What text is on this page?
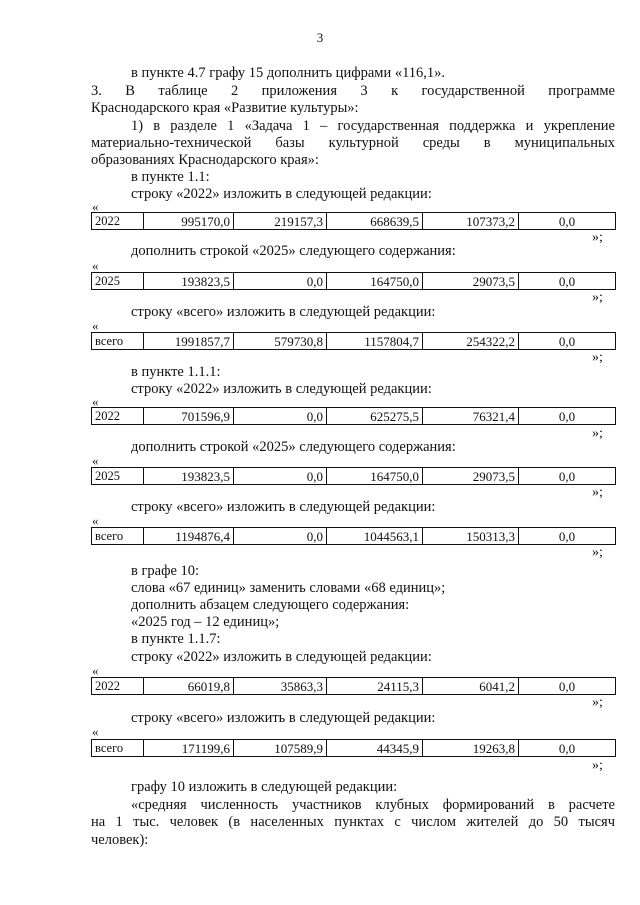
3
в пункте 4.7 графу 15 дополнить цифрами «116,1».
3. В таблице 2 приложения 3 к государственной программе
Краснодарского края «Развитие культуры»:
1) в разделе 1 «Задача 1 – государственная поддержка и укрепление
материально-технической базы культурной среды в муниципальных
образованиях Краснодарского края»:
в пункте 1.1:
строку «2022» изложить в следующей редакции:
«
2022	995170,0	219157,3	668639,5	107373,2	0,0
»;
дополнить строкой «2025» следующего содержания:
«
2025	193823,5	0,0	164750,0	29073,5	0,0
»;
строку «всего» изложить в следующей редакции:
«
всего	1991857,7	579730,8	1157804,7	254322,2	0,0
»;
в пункте 1.1.1:
строку «2022» изложить в следующей редакции:
«
2022	701596,9	0,0	625275,5	76321,4	0,0
»;
дополнить строкой «2025» следующего содержания:
«
2025	193823,5	0,0	164750,0	29073,5	0,0
»;
строку «всего» изложить в следующей редакции:
«
всего	1194876,4	0,0	1044563,1	150313,3	0,0
»;
в графе 10:
слова «67 единиц» заменить словами «68 единиц»;
дополнить абзацем следующего содержания:
«2025 год – 12 единиц»;
в пункте 1.1.7:
строку «2022» изложить в следующей редакции:
«
2022	66019,8	35863,3	24115,3	6041,2	0,0
»;
строку «всего» изложить в следующей редакции:
«
всего	171199,6	107589,9	44345,9	19263,8	0,0
»;
графу 10 изложить в следующей редакции:
«средняя численность участников клубных формирований в расчете
на 1 тыс. человек (в населенных пунктах с числом жителей до 50 тысяч
человек):
